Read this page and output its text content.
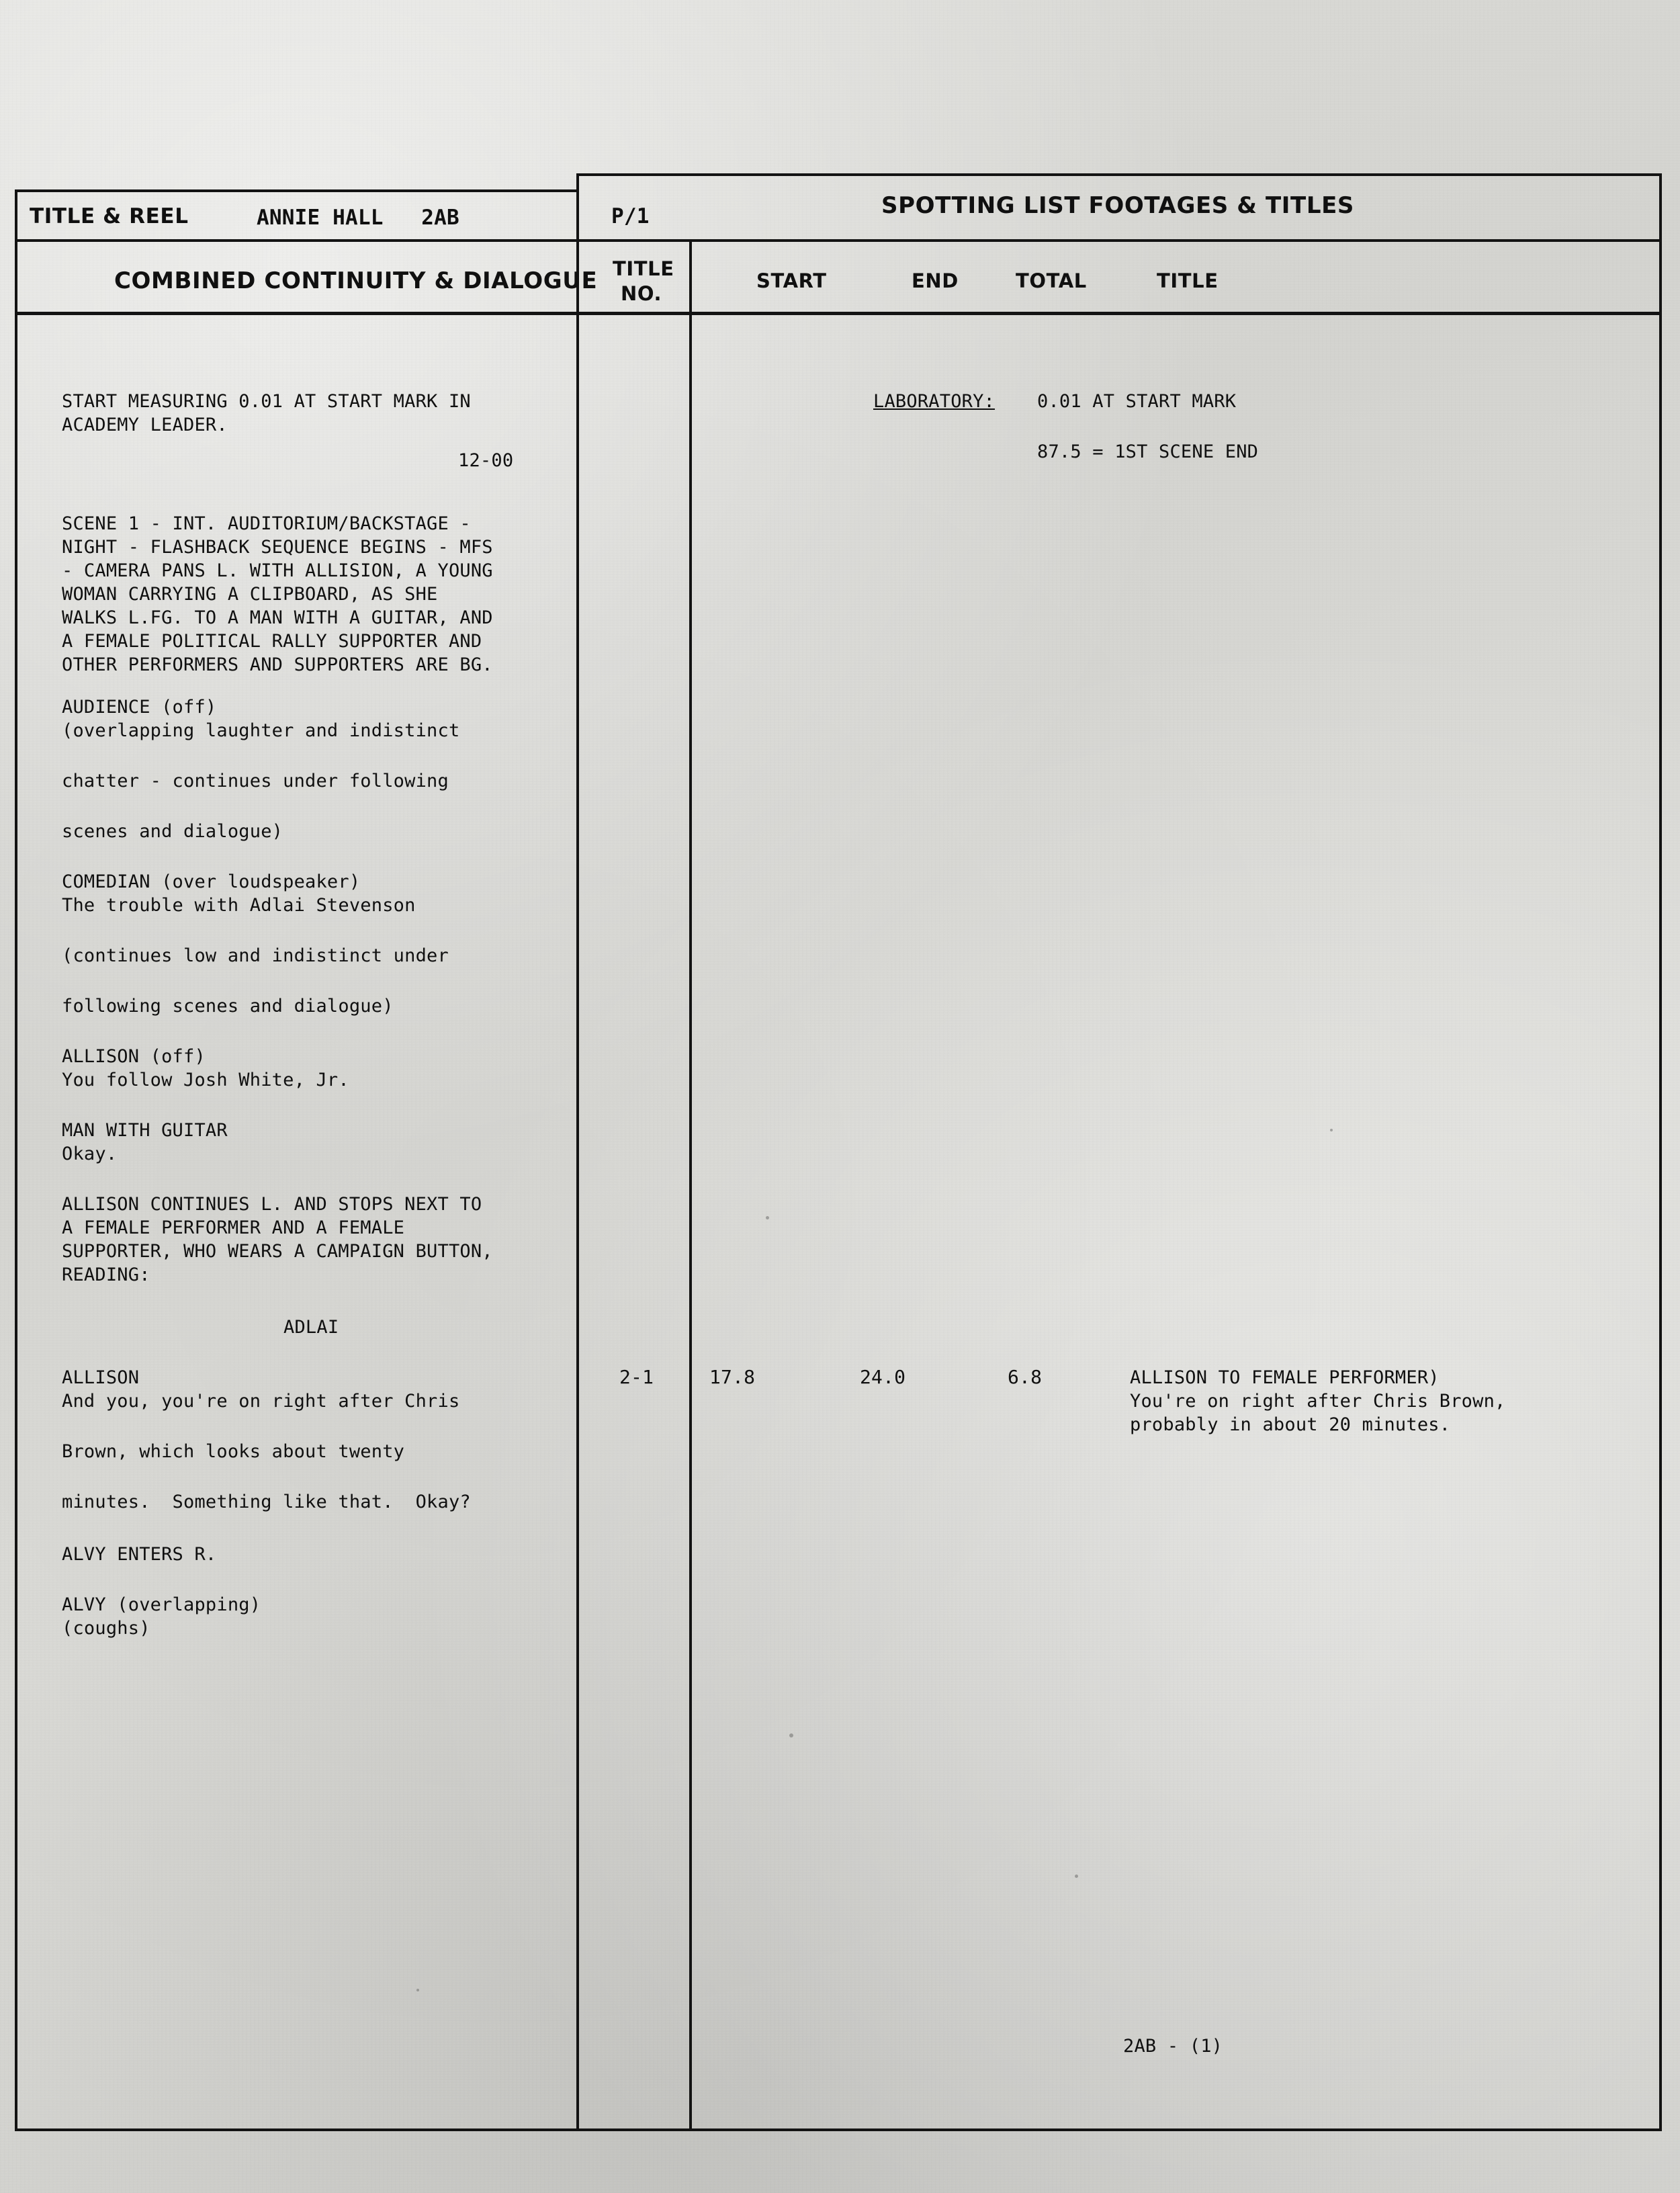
TITLE & REEL	ANNIE HALL   2AB
COMBINED CONTINUITY & DIALOGUE
P/1	SPOTTING LIST FOOTAGES & TITLES
TITLE
NO.
START	END	TOTAL	TITLE
START MEASURING 0.01 AT START MARK IN
ACADEMY LEADER.
12-00
SCENE 1 - INT. AUDITORIUM/BACKSTAGE -
NIGHT - FLASHBACK SEQUENCE BEGINS - MFS
- CAMERA PANS L. WITH ALLISION, A YOUNG
WOMAN CARRYING A CLIPBOARD, AS SHE
WALKS L.FG. TO A MAN WITH A GUITAR, AND
A FEMALE POLITICAL RALLY SUPPORTER AND
OTHER PERFORMERS AND SUPPORTERS ARE BG.
AUDIENCE (off)
(overlapping laughter and indistinct
chatter - continues under following
scenes and dialogue)
COMEDIAN (over loudspeaker)
The trouble with Adlai Stevenson
(continues low and indistinct under
following scenes and dialogue)
ALLISON (off)
You follow Josh White, Jr.
MAN WITH GUITAR
Okay.
ALLISON CONTINUES L. AND STOPS NEXT TO
A FEMALE PERFORMER AND A FEMALE
SUPPORTER, WHO WEARS A CAMPAIGN BUTTON,
READING:
ADLAI
ALLISON
And you, you're on right after Chris
Brown, which looks about twenty
minutes.  Something like that.  Okay?
ALVY ENTERS R.
ALVY (overlapping)
(coughs)
LABORATORY: 0.01 AT START MARK
87.5 = 1ST SCENE END
2-1	17.8	24.0	6.8	ALLISON TO FEMALE PERFORMER)
You're on right after Chris Brown,
probably in about 20 minutes.
2AB - (1)
